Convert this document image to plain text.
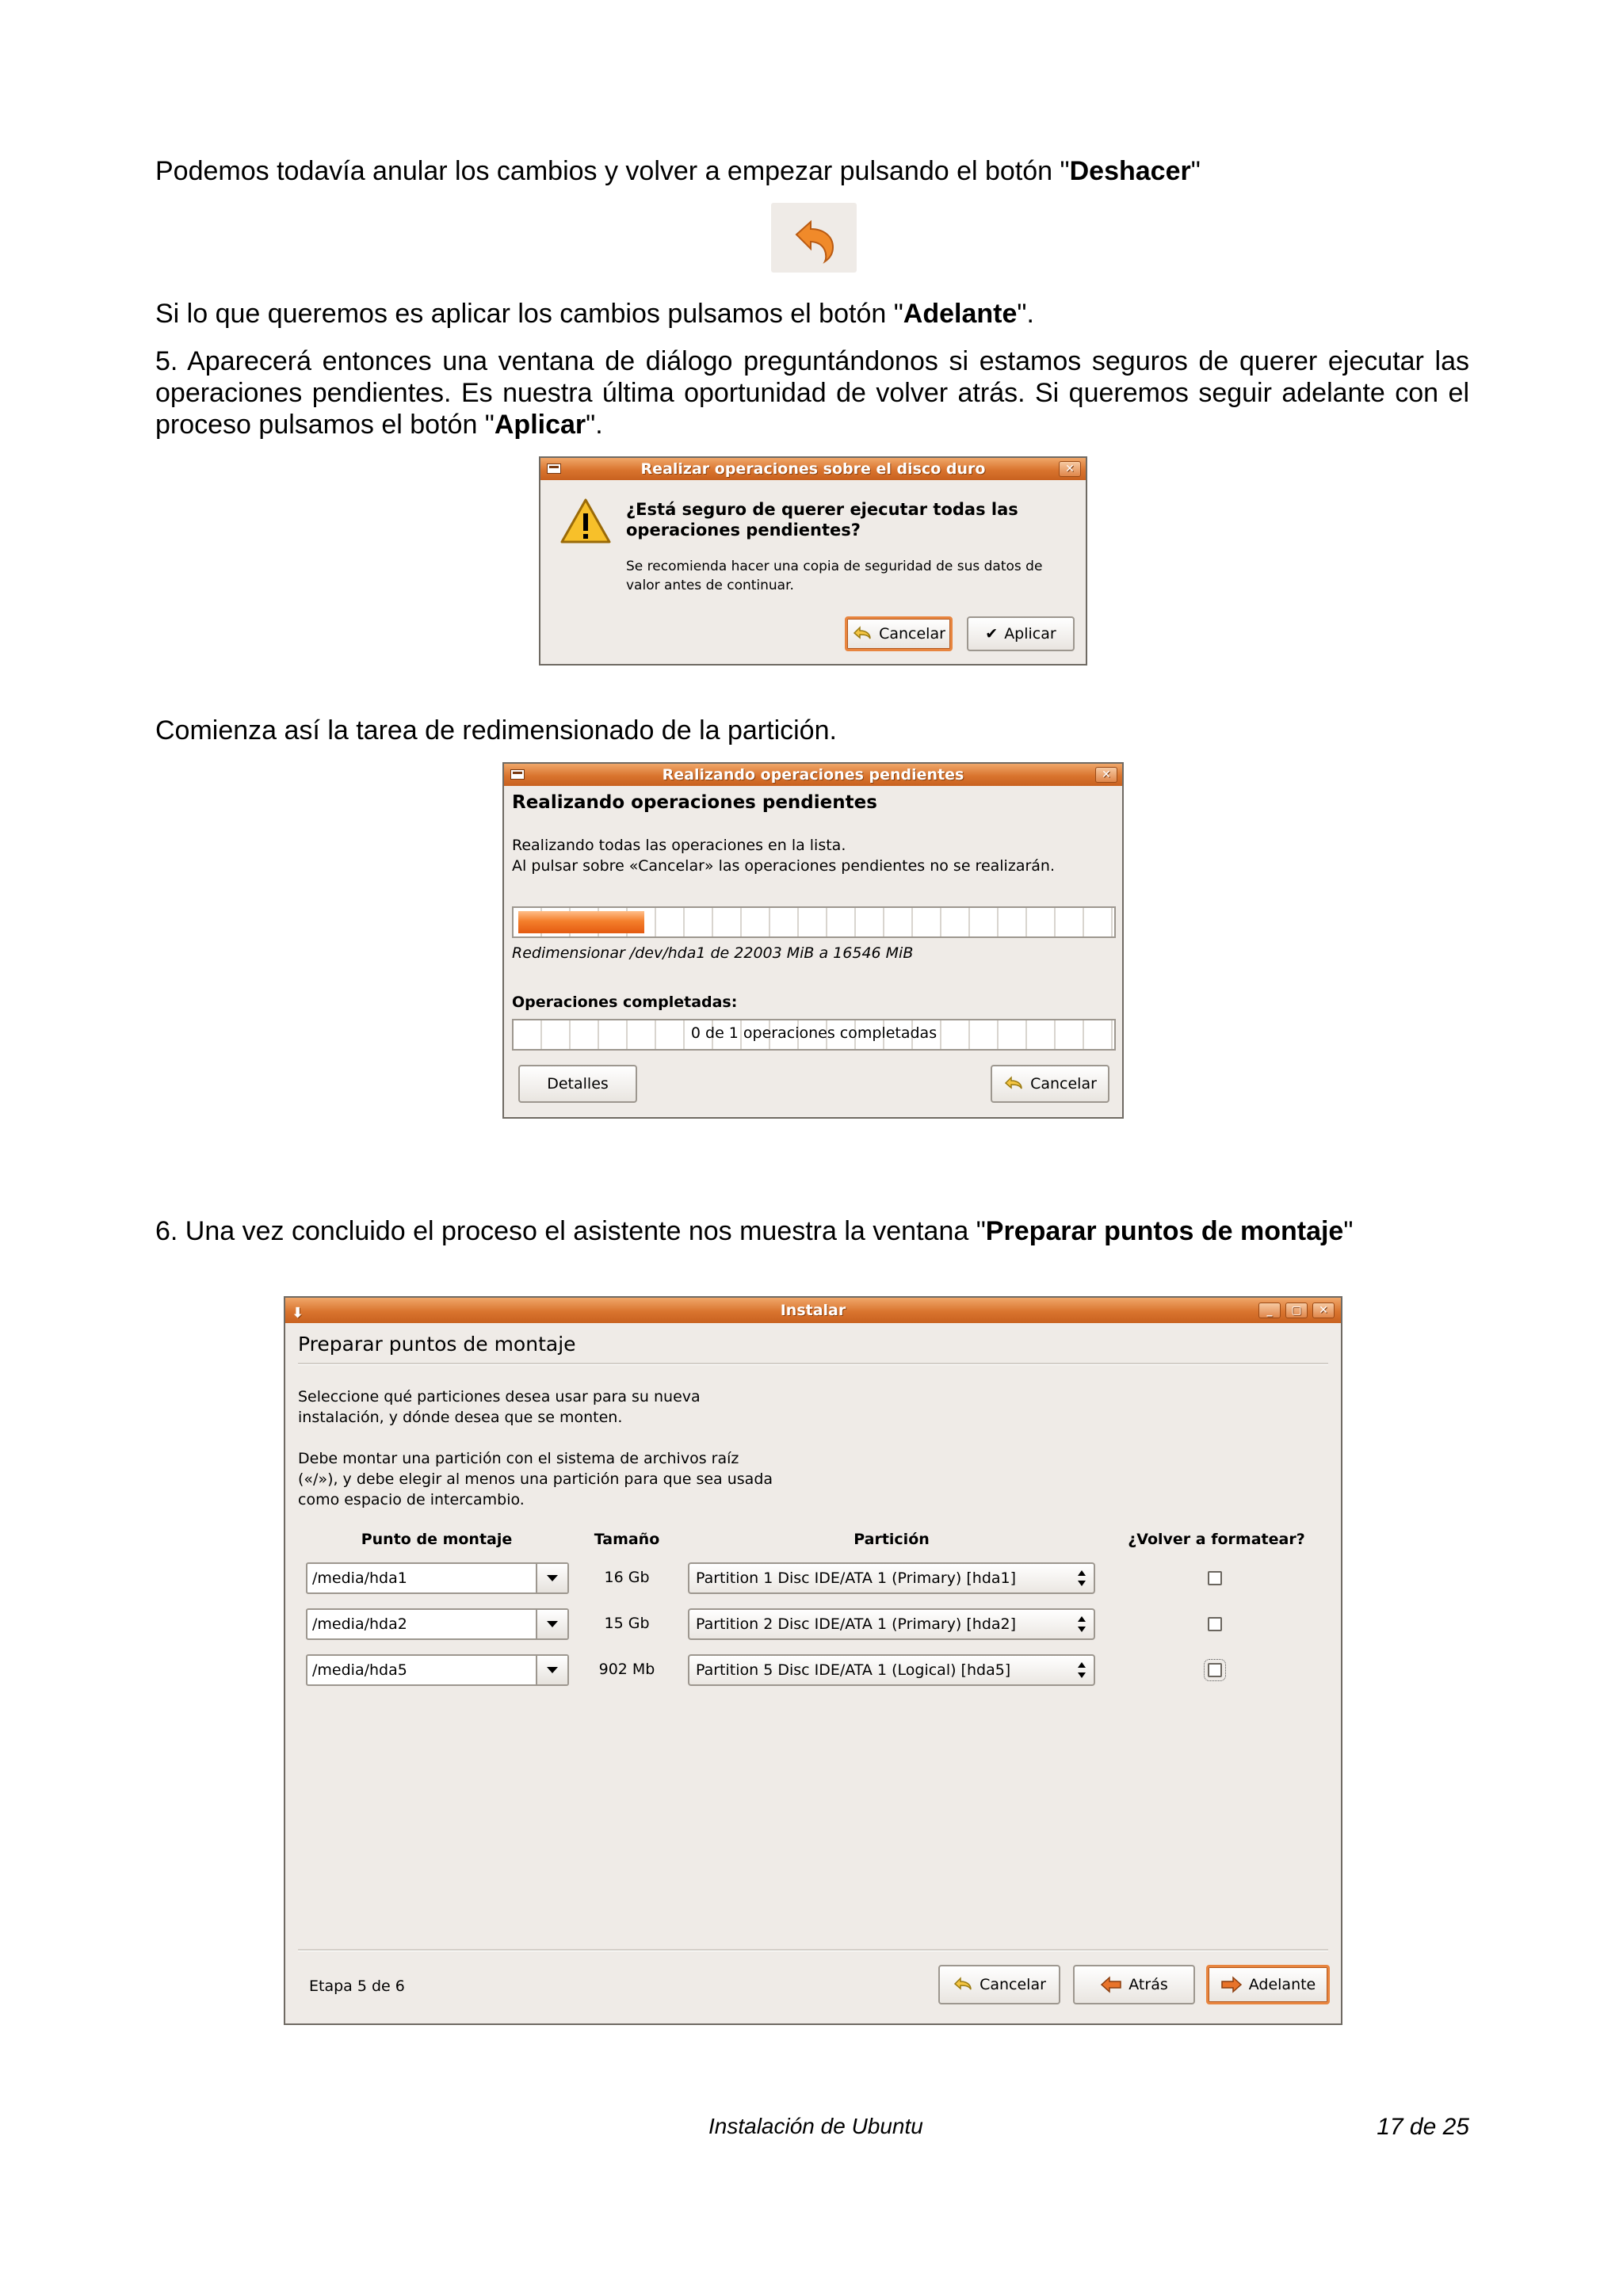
Podemos todavía anular los cambios y volver a empezar pulsando el botón "Deshacer"
Si lo que queremos es aplicar los cambios pulsamos el botón "Adelante".
5. Aparecerá entonces una ventana de diálogo preguntándonos si estamos seguros de querer ejecutar las operaciones pendientes. Es nuestra última oportunidad de volver atrás. Si queremos seguir adelante con el proceso pulsamos el botón "Aplicar".
Realizar operaciones sobre el disco duro	✕
¿Está seguro de querer ejecutar todas las operaciones pendientes?
Se recomienda hacer una copia de seguridad de sus datos de
valor antes de continuar.
Cancelar	✔ Aplicar
Comienza así la tarea de redimensionado de la partición.
Realizando operaciones pendientes	✕
Realizando operaciones pendientes
Realizando todas las operaciones en la lista.
Al pulsar sobre «Cancelar» las operaciones pendientes no se realizarán.
Redimensionar /dev/hda1 de 22003 MiB a 16546 MiB
Operaciones completadas:
0 de 1 operaciones completadas
Detalles	Cancelar
6. Una vez concluido el proceso el asistente nos muestra la ventana "Preparar puntos de montaje"
⬇	Instalar	_	▢	✕
Preparar puntos de montaje
Seleccione qué particiones desea usar para su nueva
instalación, y dónde desea que se monten.
Debe montar una partición con el sistema de archivos raíz
(«/»), y debe elegir al menos una partición para que sea usada
como espacio de intercambio.
Punto de montaje	Tamaño	Partición	¿Volver a formatear?
/media/hda1	16 Gb	Partition 1 Disc IDE/ATA 1 (Primary) [hda1]
/media/hda2	15 Gb	Partition 2 Disc IDE/ATA 1 (Primary) [hda2]
/media/hda5	902 Mb	Partition 5 Disc IDE/ATA 1 (Logical) [hda5]
Etapa 5 de 6	Cancelar	Atrás	Adelante
Instalación de Ubuntu	17 de 25
